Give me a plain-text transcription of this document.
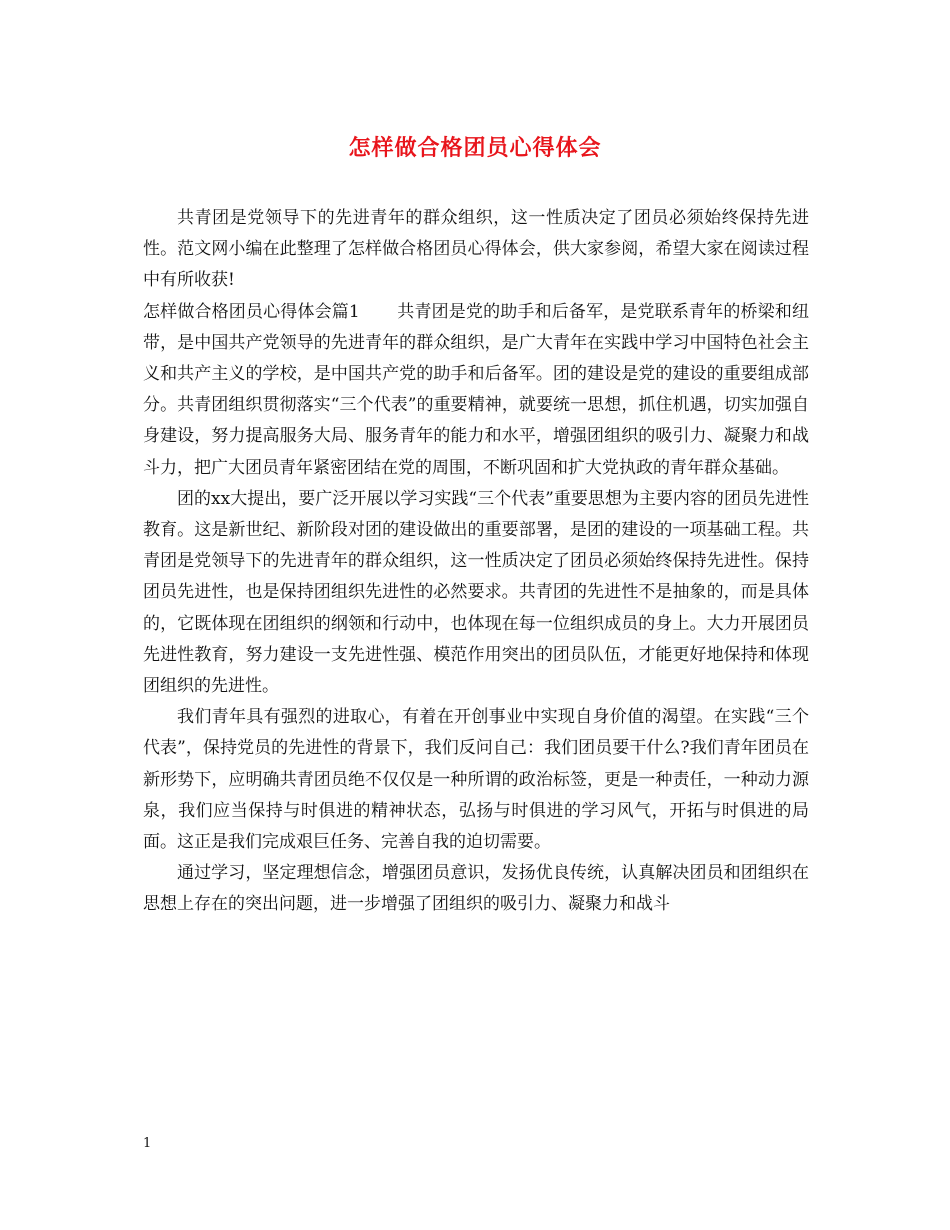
怎样做合格团员心得体会

共青团是党领导下的先进青年的群众组织，这一性质决定了团员必须始终保持先进性。范文网小编在此整理了怎样做合格团员心得体会，供大家参阅，希望大家在阅读过程中有所收获!

怎样做合格团员心得体会篇1 共青团是党的助手和后备军，是党联系青年的桥梁和纽带，是中国共产党领导的先进青年的群众组织，是广大青年在实践中学习中国特色社会主义和共产主义的学校，是中国共产党的助手和后备军。团的建设是党的建设的重要组成部分。共青团组织贯彻落实“三个代表”的重要精神，就要统一思想，抓住机遇，切实加强自身建设，努力提高服务大局、服务青年的能力和水平，增强团组织的吸引力、凝聚力和战斗力，把广大团员青年紧密团结在党的周围，不断巩固和扩大党执政的青年群众基础。

团的xx大提出，要广泛开展以学习实践“三个代表”重要思想为主要内容的团员先进性教育。这是新世纪、新阶段对团的建设做出的重要部署，是团的建设的一项基础工程。共青团是党领导下的先进青年的群众组织，这一性质决定了团员必须始终保持先进性。保持团员先进性，也是保持团组织先进性的必然要求。共青团的先进性不是抽象的，而是具体的，它既体现在团组织的纲领和行动中，也体现在每一位组织成员的身上。大力开展团员先进性教育，努力建设一支先进性强、模范作用突出的团员队伍，才能更好地保持和体现团组织的先进性。

我们青年具有强烈的进取心，有着在开创事业中实现自身价值的渴望。在实践“三个代表”，保持党员的先进性的背景下，我们反问自己：我们团员要干什么?我们青年团员在新形势下，应明确共青团员绝不仅仅是一种所谓的政治标签，更是一种责任，一种动力源泉，我们应当保持与时俱进的精神状态，弘扬与时俱进的学习风气，开拓与时俱进的局面。这正是我们完成艰巨任务、完善自我的迫切需要。

通过学习，坚定理想信念，增强团员意识，发扬优良传统，认真解决团员和团组织在思想上存在的突出问题，进一步增强了团组织的吸引力、凝聚力和战斗

1
